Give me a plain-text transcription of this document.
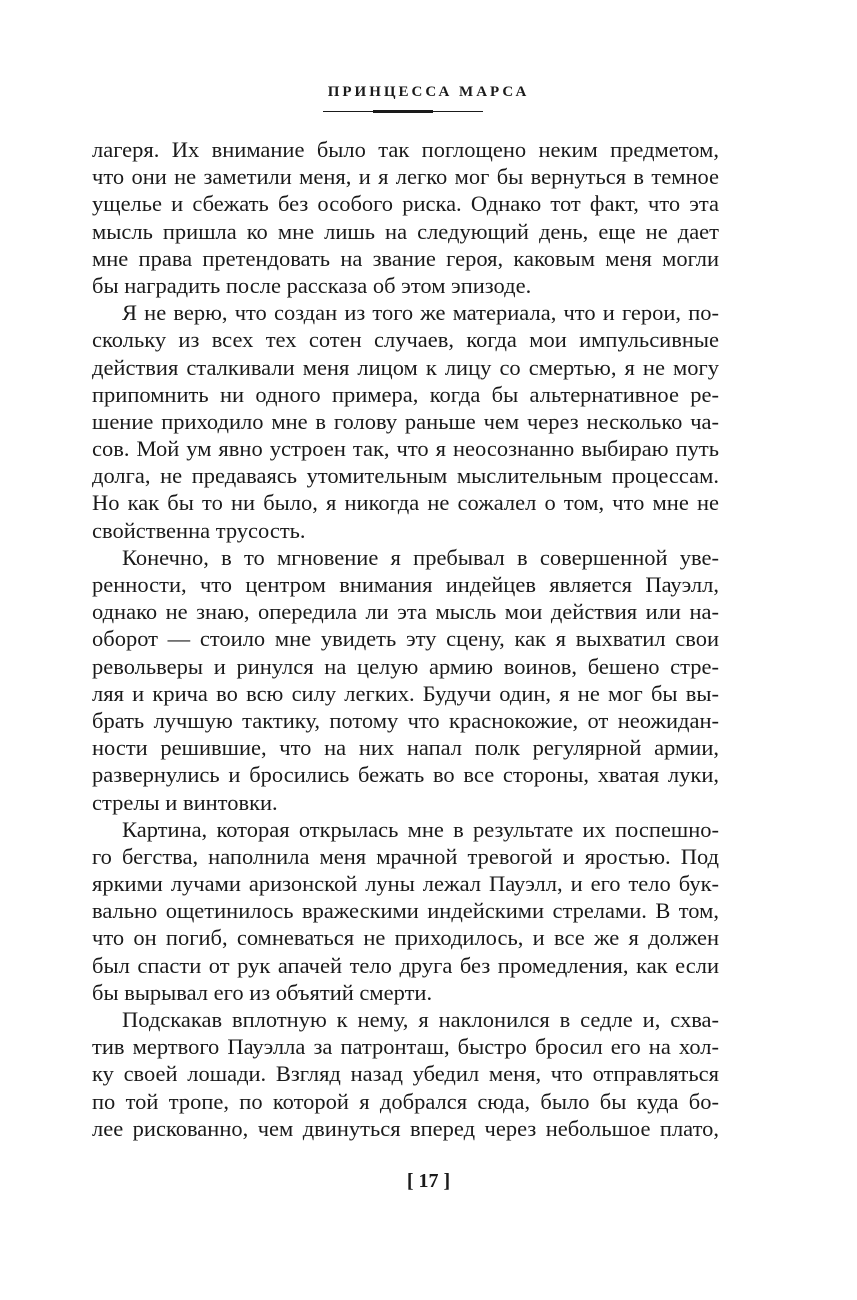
ПРИНЦЕССА МАРСА
лагеря. Их внимание было так поглощено неким предметом,
что они не заметили меня, и я легко мог бы вернуться в темное
ущелье и сбежать без особого риска. Однако тот факт, что эта
мысль пришла ко мне лишь на следующий день, еще не дает
мне права претендовать на звание героя, каковым меня могли
бы наградить после рассказа об этом эпизоде.
Я не верю, что создан из того же материала, что и герои, по-
скольку из всех тех сотен случаев, когда мои импульсивные
действия сталкивали меня лицом к лицу со смертью, я не могу
припомнить ни одного примера, когда бы альтернативное ре-
шение приходило мне в голову раньше чем через несколько ча-
сов. Мой ум явно устроен так, что я неосознанно выбираю путь
долга, не предаваясь утомительным мыслительным процессам.
Но как бы то ни было, я никогда не сожалел о том, что мне не
свойственна трусость.
Конечно, в то мгновение я пребывал в совершенной уве-
ренности, что центром внимания индейцев является Пауэлл,
однако не знаю, опередила ли эта мысль мои действия или на-
оборот — стоило мне увидеть эту сцену, как я выхватил свои
револьверы и ринулся на целую армию воинов, бешено стре-
ляя и крича во всю силу легких. Будучи один, я не мог бы вы-
брать лучшую тактику, потому что краснокожие, от неожидан-
ности решившие, что на них напал полк регулярной армии,
развернулись и бросились бежать во все стороны, хватая луки,
стрелы и винтовки.
Картина, которая открылась мне в результате их поспешно-
го бегства, наполнила меня мрачной тревогой и яростью. Под
яркими лучами аризонской луны лежал Пауэлл, и его тело бук-
вально ощетинилось вражескими индейскими стрелами. В том,
что он погиб, сомневаться не приходилось, и все же я должен
был спасти от рук апачей тело друга без промедления, как если
бы вырывал его из объятий смерти.
Подскакав вплотную к нему, я наклонился в седле и, схва-
тив мертвого Пауэлла за патронташ, быстро бросил его на хол-
ку своей лошади. Взгляд назад убедил меня, что отправляться
по той тропе, по которой я добрался сюда, было бы куда бо-
лее рискованно, чем двинуться вперед через небольшое плато,
[ 17 ]
